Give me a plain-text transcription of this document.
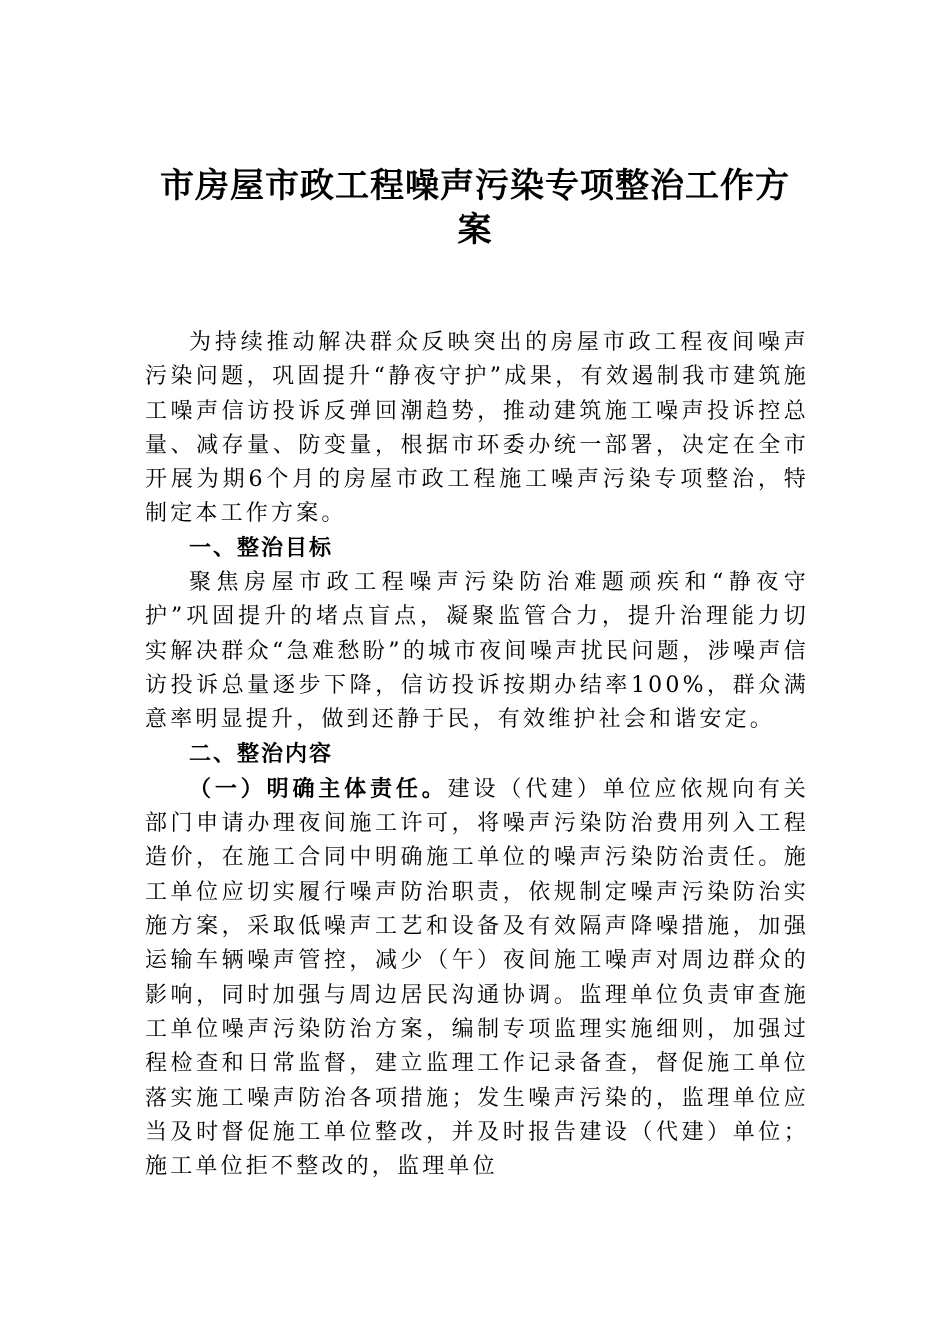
市房屋市政工程噪声污染专项整治工作方
案

为持续推动解决群众反映突出的房屋市政工程夜间噪声污染问题，巩固提升“静夜守护”成果，有效遏制我市建筑施工噪声信访投诉反弹回潮趋势，推动建筑施工噪声投诉控总量、减存量、防变量，根据市环委办统一部署，决定在全市开展为期6个月的房屋市政工程施工噪声污染专项整治，特制定本工作方案。

一、整治目标

聚焦房屋市政工程噪声污染防治难题顽疾和“静夜守护”巩固提升的堵点盲点，凝聚监管合力，提升治理能力切实解决群众“急难愁盼”的城市夜间噪声扰民问题，涉噪声信访投诉总量逐步下降，信访投诉按期办结率100%，群众满意率明显提升，做到还静于民，有效维护社会和谐安定。

二、整治内容

（一）明确主体责任。建设（代建）单位应依规向有关部门申请办理夜间施工许可，将噪声污染防治费用列入工程造价，在施工合同中明确施工单位的噪声污染防治责任。施工单位应切实履行噪声防治职责，依规制定噪声污染防治实施方案，采取低噪声工艺和设备及有效隔声降噪措施，加强运输车辆噪声管控，减少（午）夜间施工噪声对周边群众的影响，同时加强与周边居民沟通协调。监理单位负责审查施工单位噪声污染防治方案，编制专项监理实施细则，加强过程检查和日常监督，建立监理工作记录备查，督促施工单位落实施工噪声防治各项措施；发生噪声污染的，监理单位应当及时督促施工单位整改，并及时报告建设（代建）单位；施工单位拒不整改的，监理单位
